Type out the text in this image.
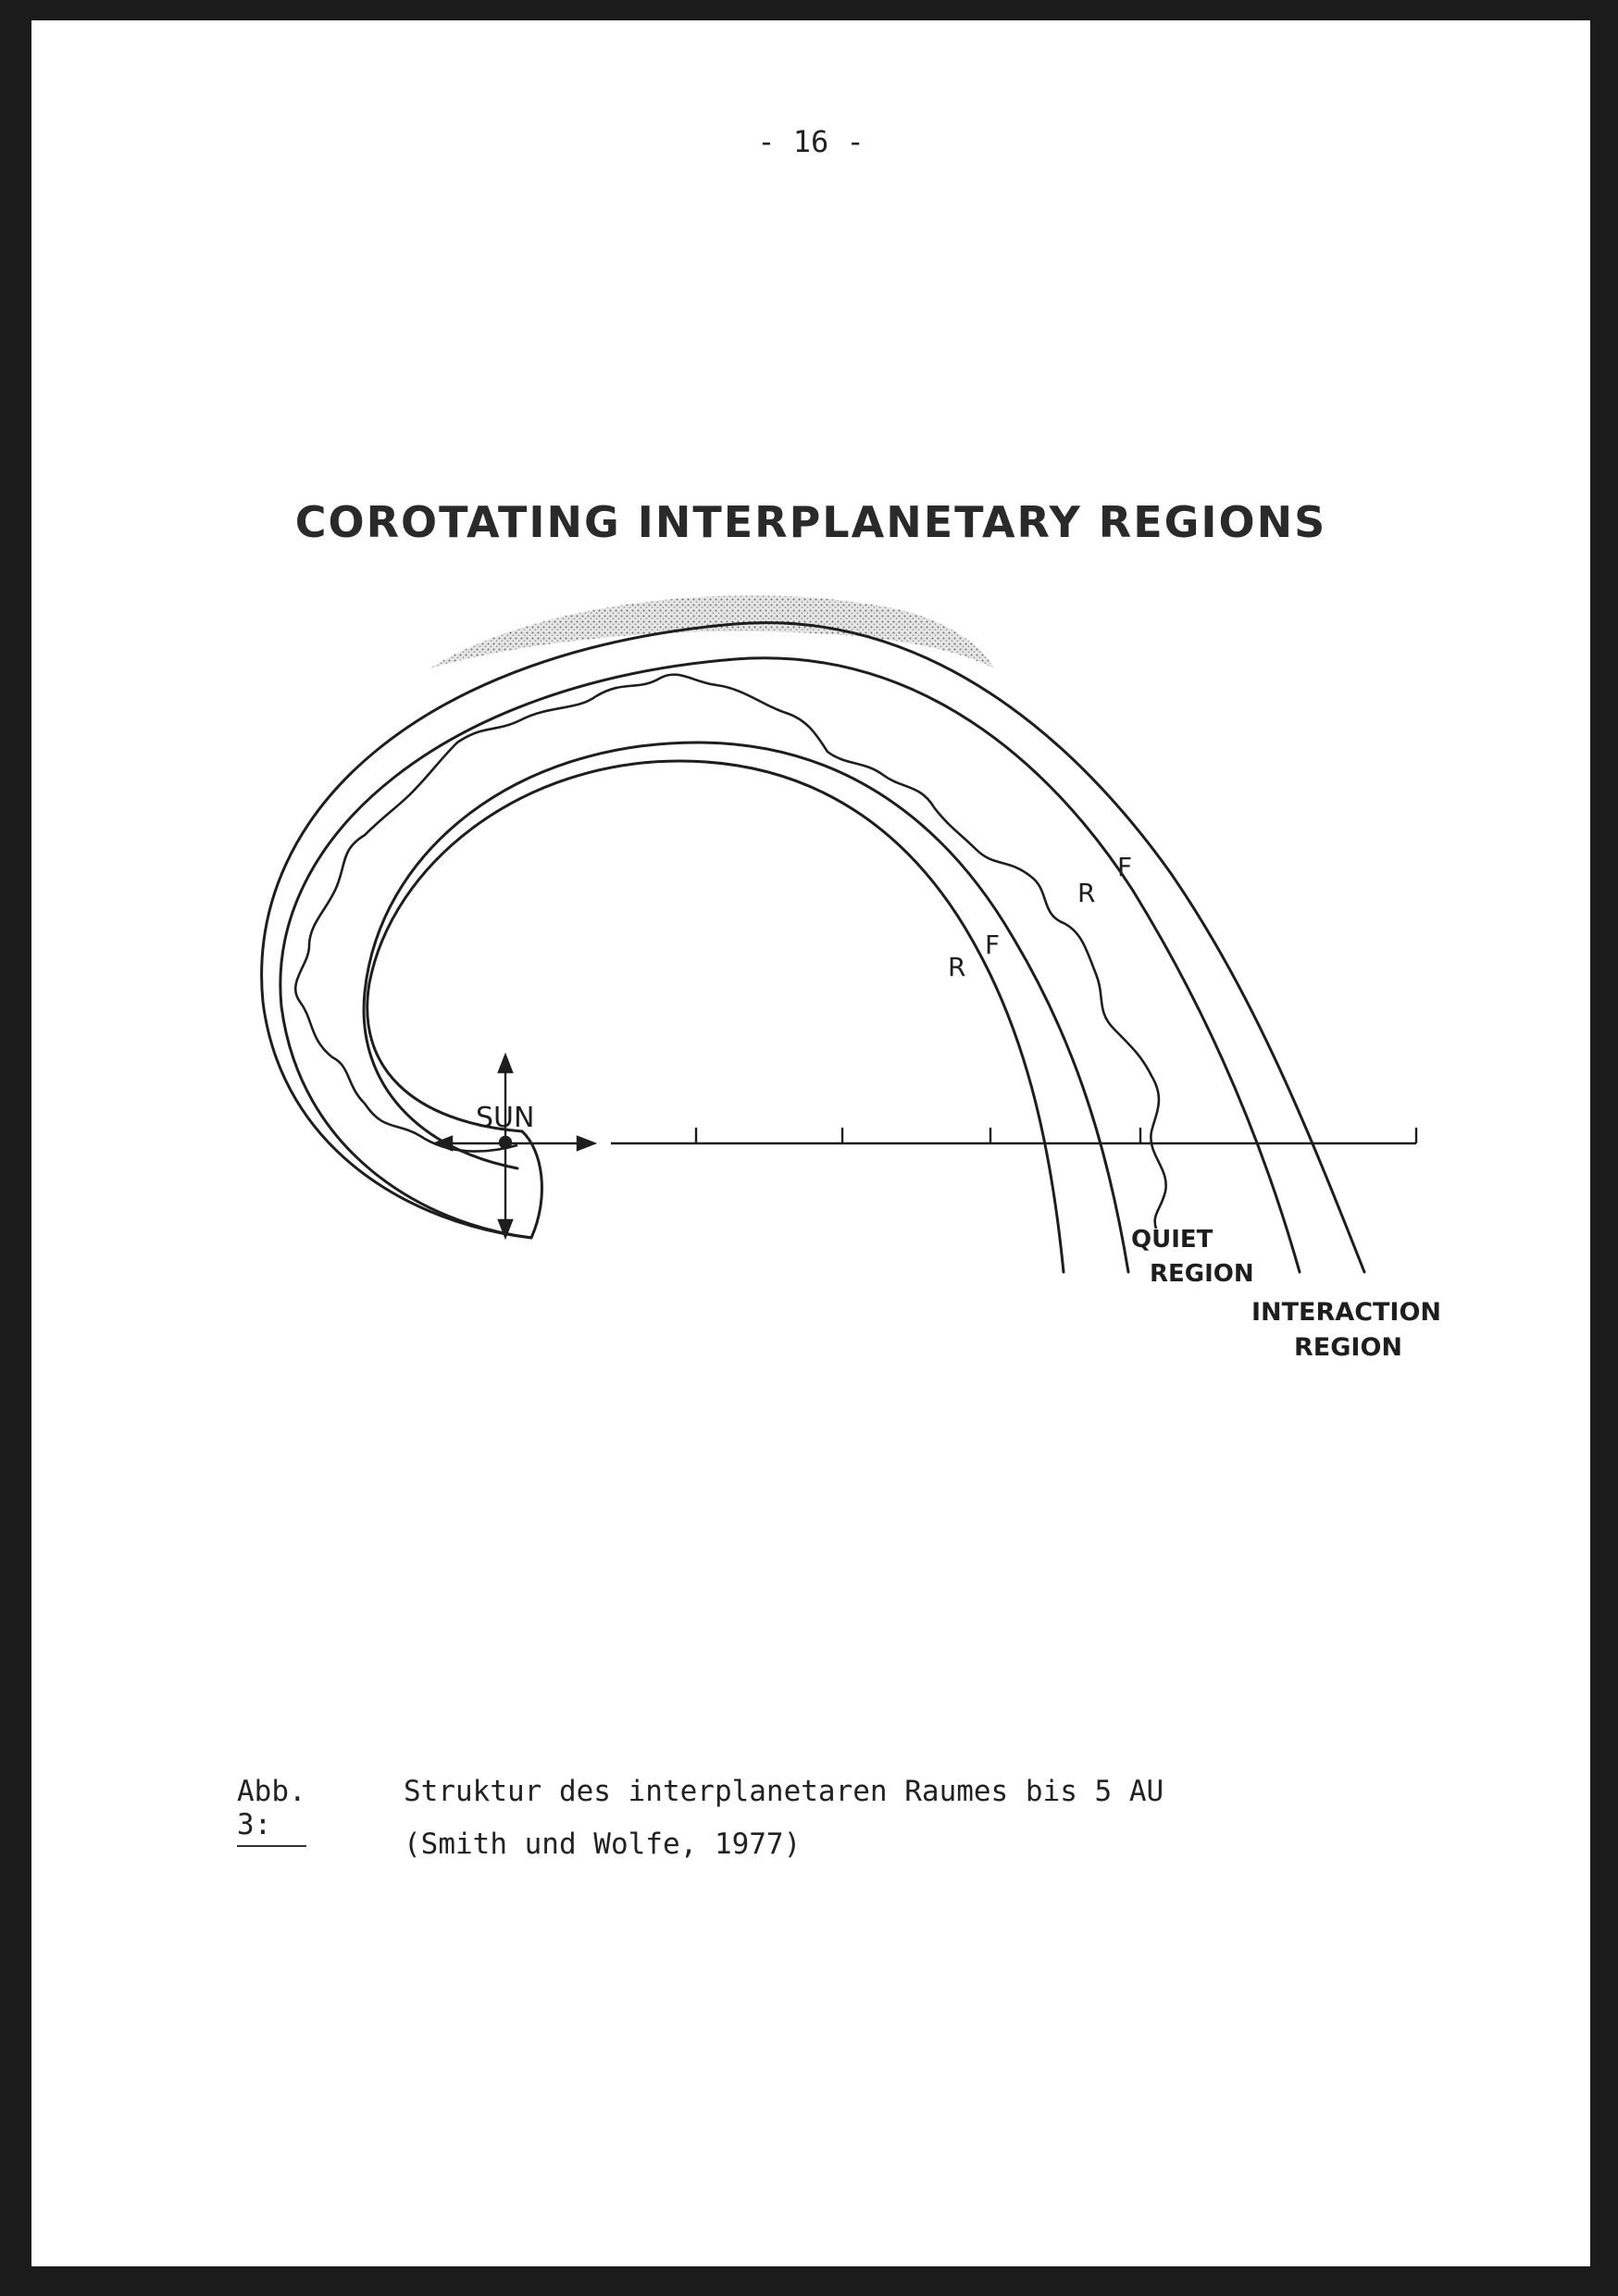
- 16 -
COROTATING INTERPLANETARY REGIONS
SUN
R
F
R
F
QUIET
REGION
INTERACTION
REGION
Abb. 3:
Struktur des interplanetaren Raumes bis 5 AU
(Smith und Wolfe, 1977)
